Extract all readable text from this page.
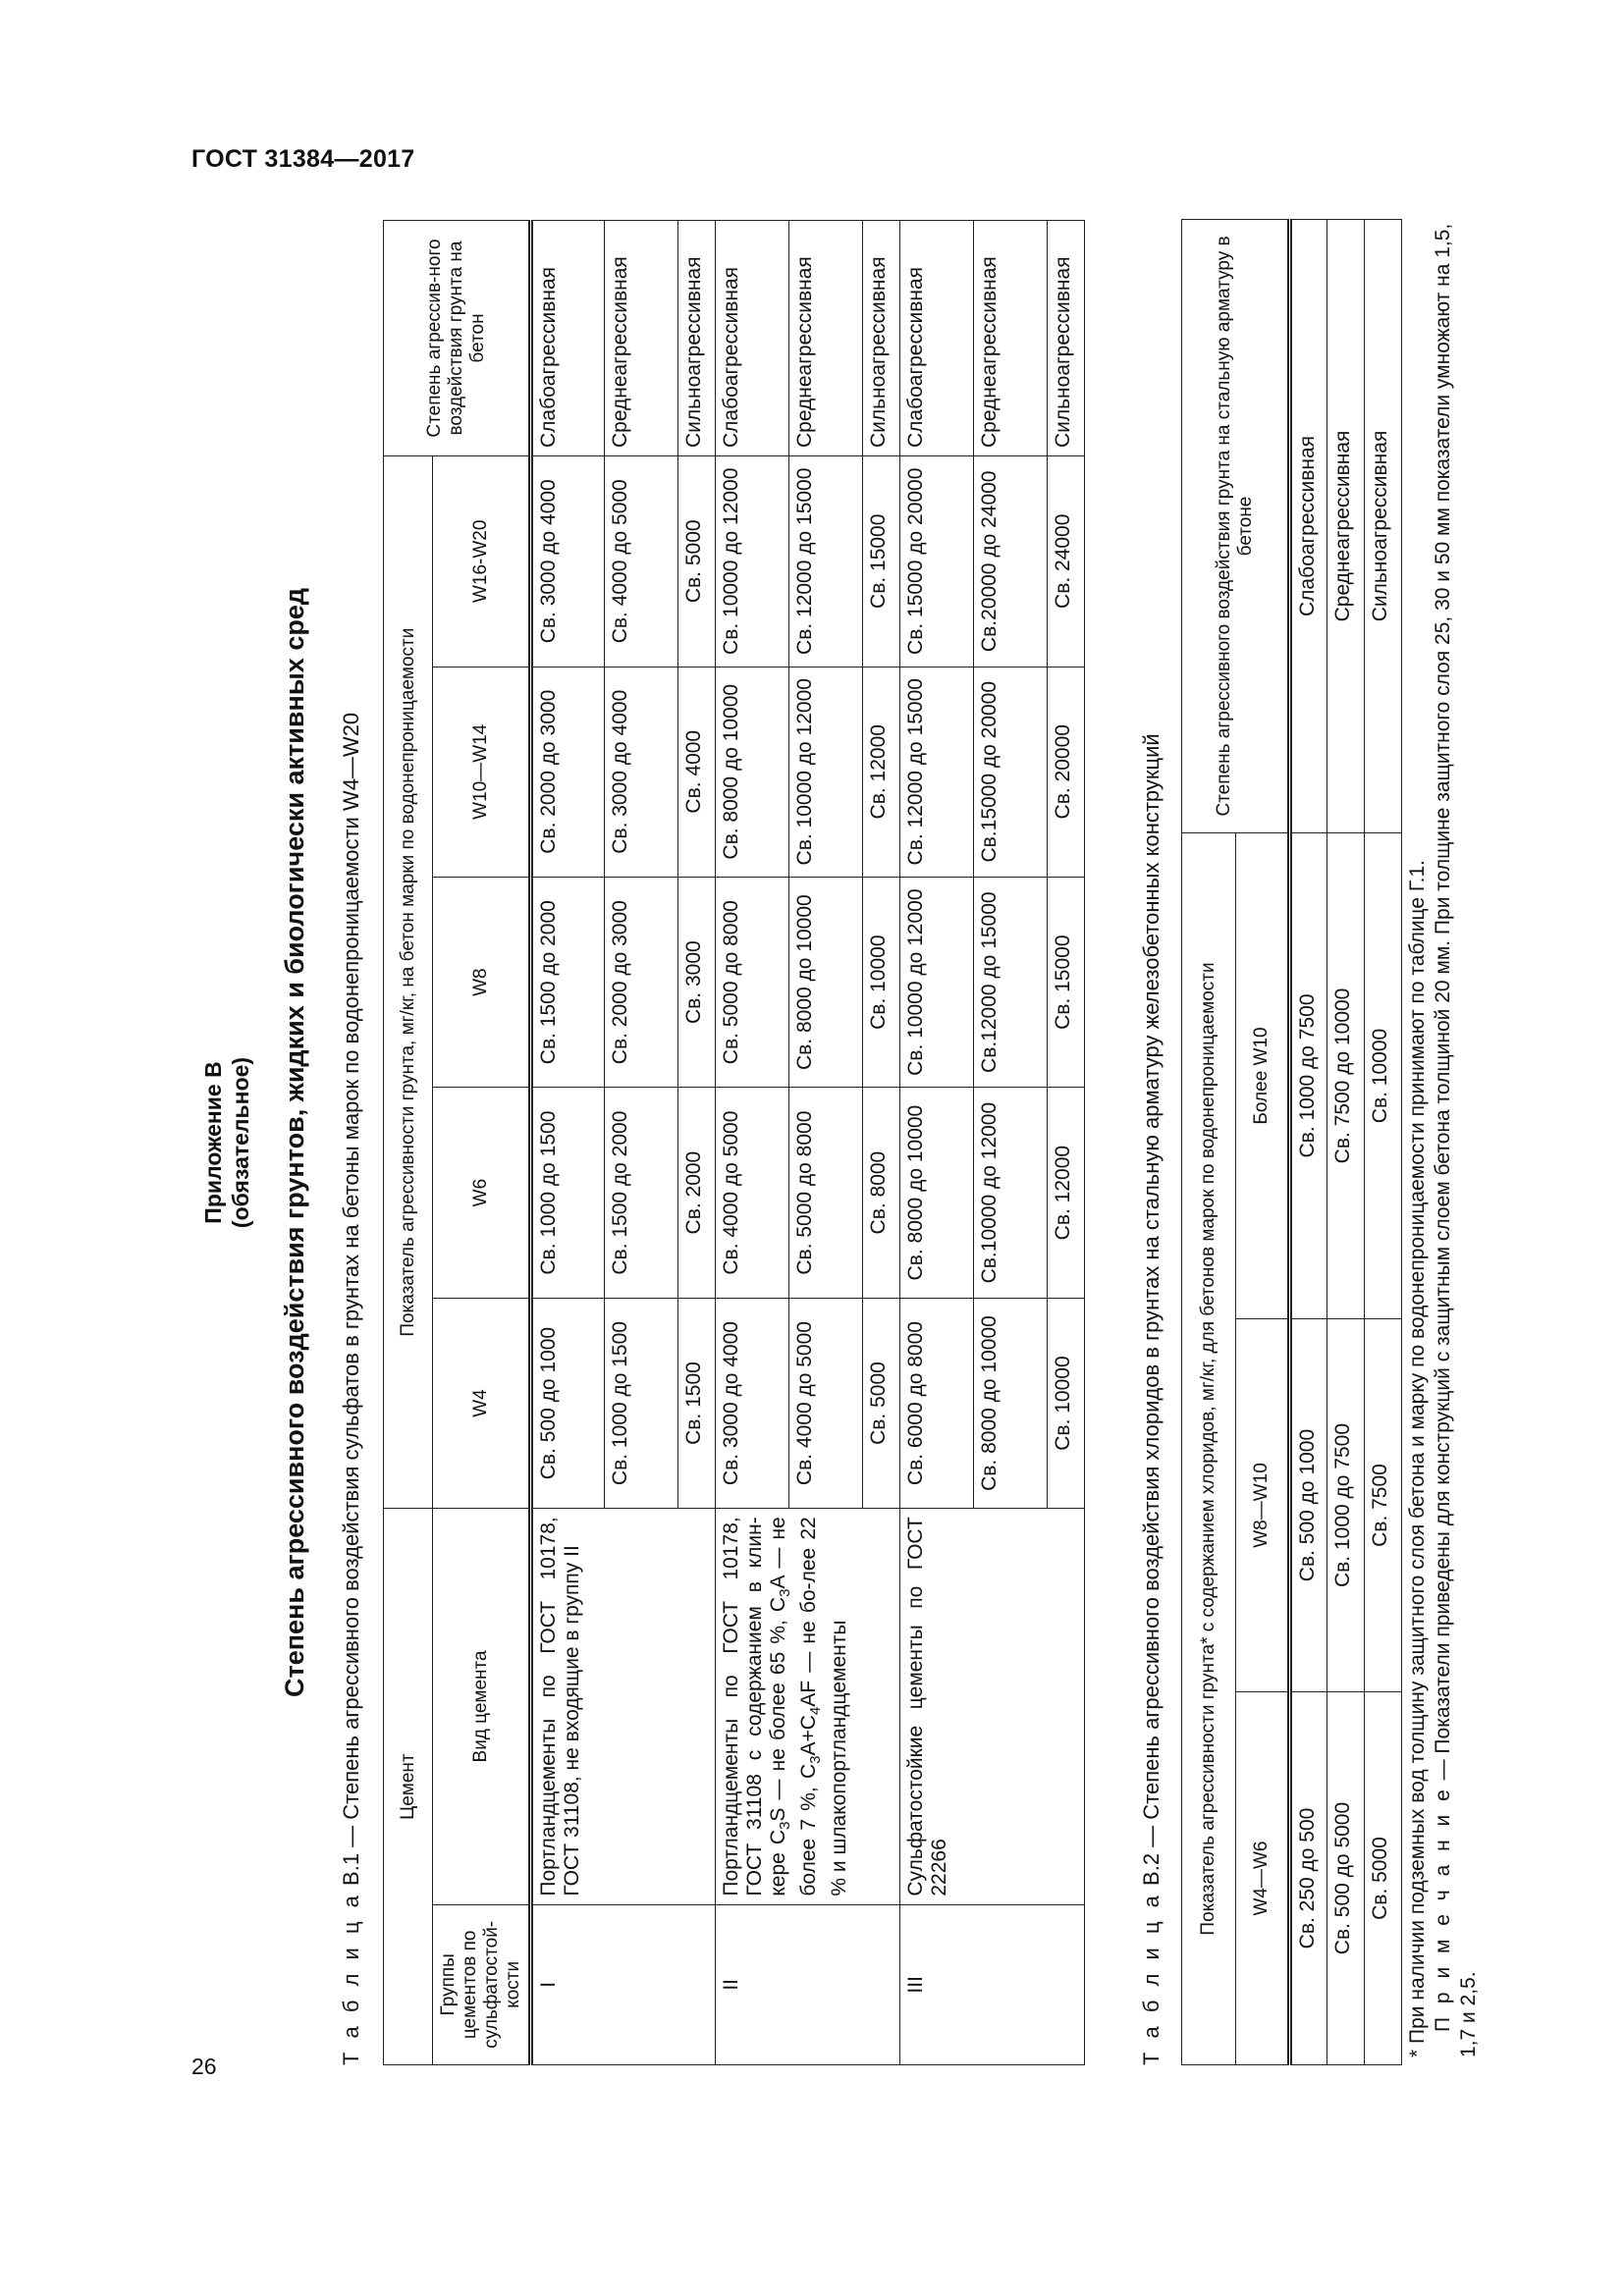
ГОСТ 31384—2017
26
Приложение В (обязательное) Степень агрессивного воздействия грунтов, жидких и биологически активных сред
Т а б л и ц а В.1 — Степень агрессивного воздействия сульфатов в грунтах на бетоны марок по водонепроницаемости W4—W20 Цемент		Показатель агрессивности грунта, мг/кг, на бетон марки по водонепроницаемости					Степень агрессив-ного воздействия грунта на бетон
Группы цементов по сульфатостой-кости	Вид цемента	W4	W6	W8	W10—W14	W16-W20	
I	Портландцементы по ГОСТ 10178, ГОСТ 31108, не входящие в группу II	Св. 500 до 1000	Св. 1000 до 1500	Св. 1500 до 2000	Св. 2000 до 3000	Св. 3000 до 4000	Слабоагрессивная
		Св. 1000 до 1500	Св. 1500 до 2000	Св. 2000 до 3000	Св. 3000 до 4000	Св. 4000 до 5000	Среднеагрессивная
		Св. 1500	Св. 2000	Св. 3000	Св. 4000	Св. 5000	Сильноагрессивная
II	Портландцементы по ГОСТ 10178, ГОСТ 31108 с содержанием в клин-кере $C_3S$ — не более 65 %, $C_3A$ — не более 7 %, $C_3A+C_4AF$ — не бо-лее 22 % и шлакопортландцементы	Св. 3000 до 4000	Св. 4000 до 5000	Св. 5000 до 8000	Св. 8000 до 10000	Св. 10000 до 12000	Слабоагрессивная
		Св. 4000 до 5000	Св. 5000 до 8000	Св. 8000 до 10000	Св. 10000 до 12000	Св. 12000 до 15000	Среднеагрессивная
		Св. 5000	Св. 8000	Св. 10000	Св. 12000	Св. 15000	Сильноагрессивная
III	Сульфатостойкие цементы по ГОСТ 22266	Св. 6000 до 8000	Св. 8000 до 10000	Св. 10000 до 12000	Св. 12000 до 15000	Св. 15000 до 20000	Слабоагрессивная
		Св. 8000 до 10000	Св.10000 до 12000	Св.12000 до 15000	Св.15000 до 20000	Св.20000 до 24000	Среднеагрессивная
		Св. 10000	Св. 12000	Св. 15000	Св. 20000	Св. 24000	Сильноагрессивная
Т а б л и ц а В.2 — Степень агрессивного воздействия хлоридов в грунтах на стальную арматуру железобетонных конструкций Показатель агрессивности грунта* с содержанием хлоридов, мг/кг, для бетонов марок по водонепроницаемости			Степень агрессивного воздействия грунта на стальную арматуру в бетоне
W4—W6	W8—W10	Более W10	
Св. 250 до 500	Св. 500 до 1000	Св. 1000 до 7500	Слабоагрессивная
Св. 500 до 5000	Св. 1000 до 7500	Св. 7500 до 10000	Среднеагрессивная
Св. 5000	Св. 7500	Св. 10000	Сильноагрессивная
* При наличии подземных вод толщину защитного слоя бетона и марку по водонепроницаемости принимают по таблице Г.1. П р и м е ч а н и е — Показатели приведены для конструкций с защитным слоем бетона толщиной 20 мм. При толщине защитного слоя 25, 30 и 50 мм показатели умножают на 1,5, 1,7 и 2,5.
